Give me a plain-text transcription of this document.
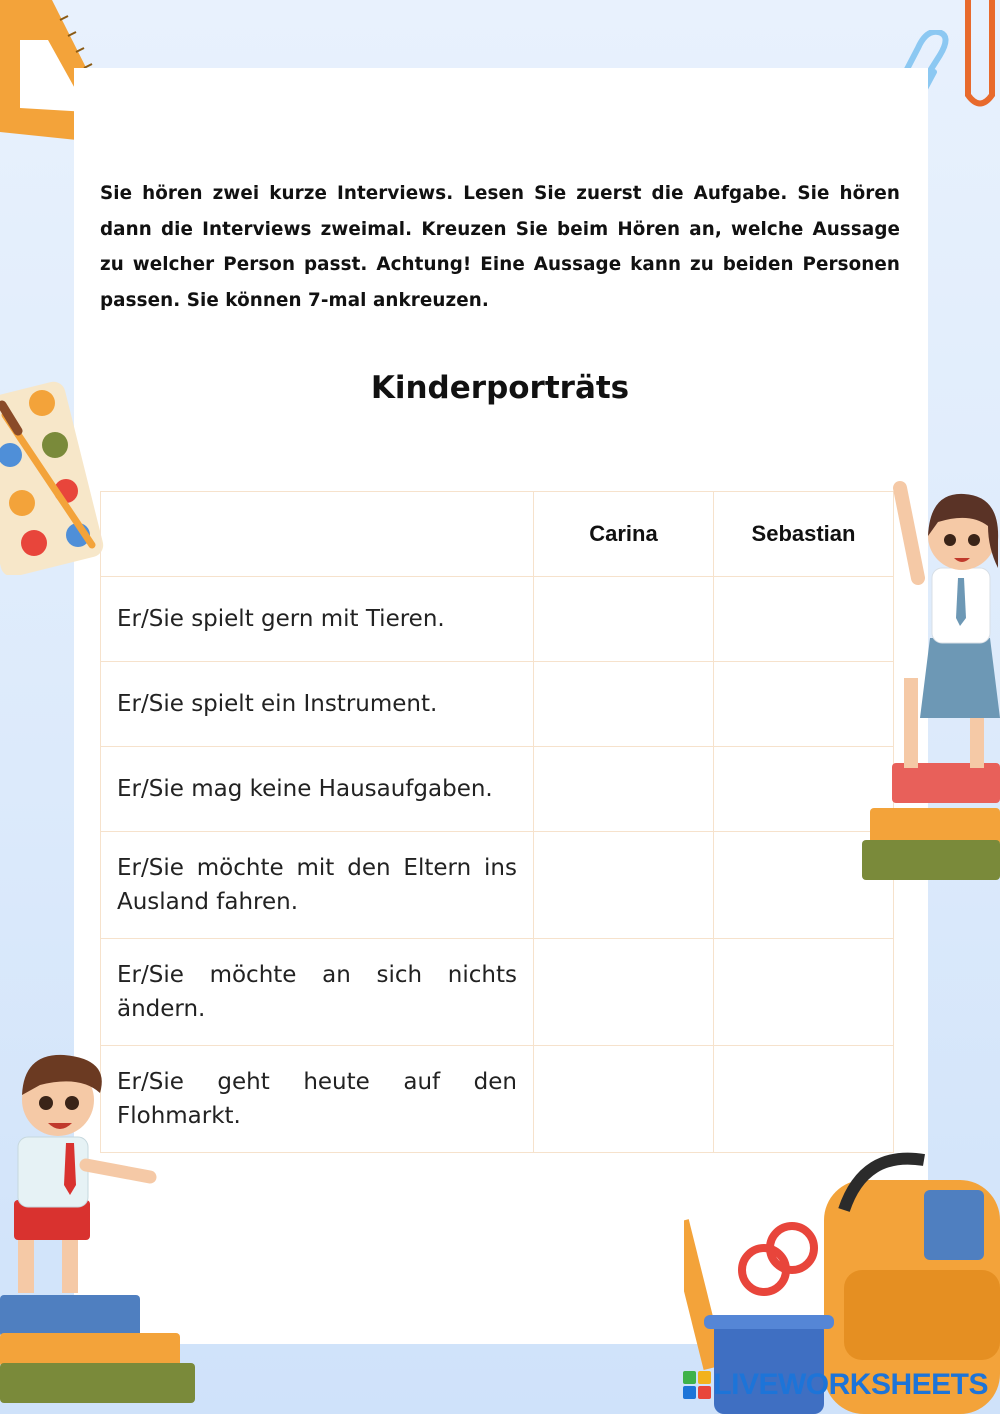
Sie hören zwei kurze Interviews. Lesen Sie zuerst die Aufgabe. Sie hören dann die Interviews zweimal. Kreuzen Sie beim Hören an, welche Aussage zu welcher Person passt. Achtung! Eine Aussage kann zu beiden Personen passen. Sie können 7-mal ankreuzen.
Kinderporträts
	Carina	Sebastian
Er/Sie spielt gern mit Tieren.		
Er/Sie spielt ein Instrument.		
Er/Sie mag keine Hausaufgaben.		
Er/Sie möchte mit den Eltern ins Ausland fahren.		
Er/Sie möchte an sich nichts ändern.		
Er/Sie geht heute auf den Flohmarkt.		
LIVEWORKSHEETS
